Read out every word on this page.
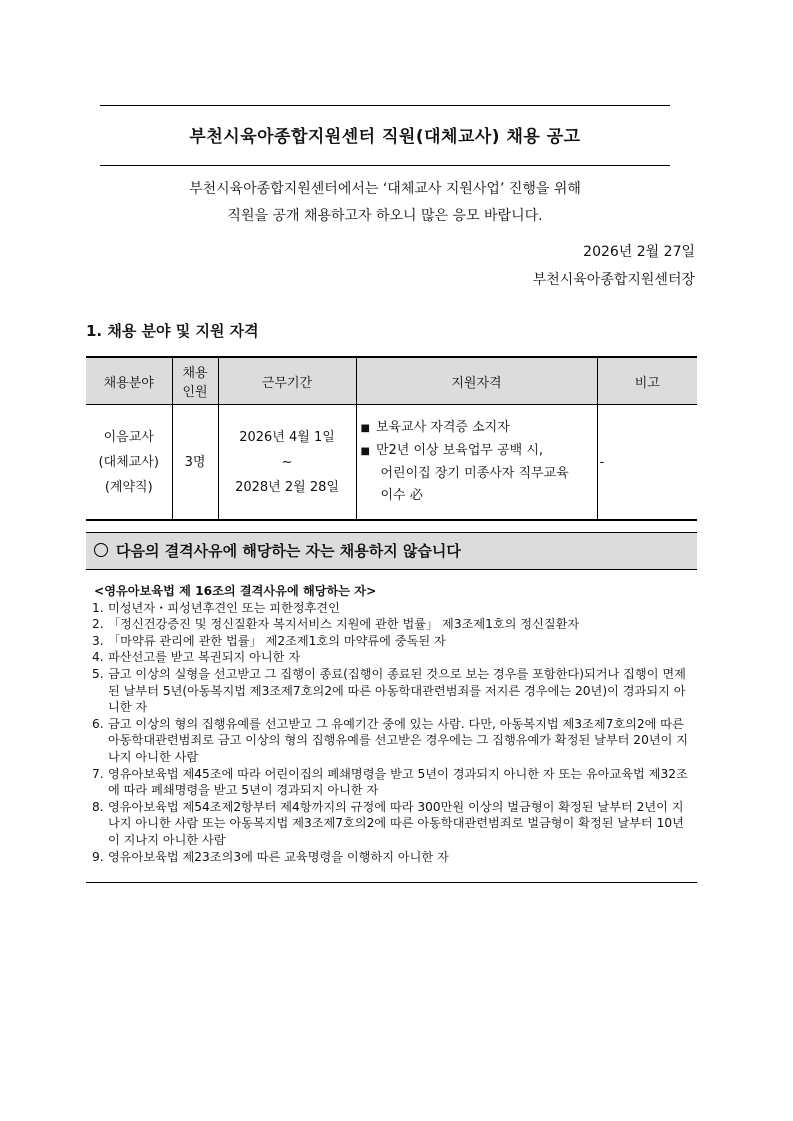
부천시육아종합지원센터 직원(대체교사) 채용 공고
부천시육아종합지원센터에서는 ‘대체교사 지원사업’ 진행을 위해
직원을 공개 채용하고자 하오니 많은 응모 바랍니다.
2026년 2월 27일
부천시육아종합지원센터장
1. 채용 분야 및 지원 자격
채용분야	채용
인원	근무기간	지원자격	비고
이음교사
(대체교사)
(계약직)	3명	2026년 4월 1일
~
2028년 2월 28일	■ 보육교사 자격증 소지자
■ 만2년 이상 보육업무 공백 시,
어린이집 장기 미종사자 직무교육
이수 必	-
다음의 결격사유에 해당하는 자는 채용하지 않습니다
<영유아보육법 제 16조의 결격사유에 해당하는 자>
1. 미성년자・피성년후견인 또는 피한정후견인
2. 「정신건강증진 및 정신질환자 복지서비스 지원에 관한 법률」 제3조제1호의 정신질환자
3. 「마약류 관리에 관한 법률」 제2조제1호의 마약류에 중독된 자
4. 파산선고를 받고 복권되지 아니한 자
5. 금고 이상의 실형을 선고받고 그 집행이 종료(집행이 종료된 것으로 보는 경우를 포함한다)되거나 집행이 면제된 날부터 5년(아동복지법 제3조제7호의2에 따른 아동학대관련범죄를 저지른 경우에는 20년)이 경과되지 아니한 자
6. 금고 이상의 형의 집행유예를 선고받고 그 유예기간 중에 있는 사람. 다만, 아동복지법 제3조제7호의2에 따른 아동학대관련범죄로 금고 이상의 형의 집행유예를 선고받은 경우에는 그 집행유예가 확정된 날부터 20년이 지나지 아니한 사람
7. 영유아보육법 제45조에 따라 어린이집의 폐쇄명령을 받고 5년이 경과되지 아니한 자 또는 유아교육법 제32조에 따라 폐쇄명령을 받고 5년이 경과되지 아니한 자
8. 영유아보육법 제54조제2항부터 제4항까지의 규정에 따라 300만원 이상의 벌금형이 확정된 날부터 2년이 지나지 아니한 사람 또는 아동복지법 제3조제7호의2에 따른 아동학대관련범죄로 벌금형이 확정된 날부터 10년이 지나지 아니한 사람
9. 영유아보육법 제23조의3에 따른 교육명령을 이행하지 아니한 자
